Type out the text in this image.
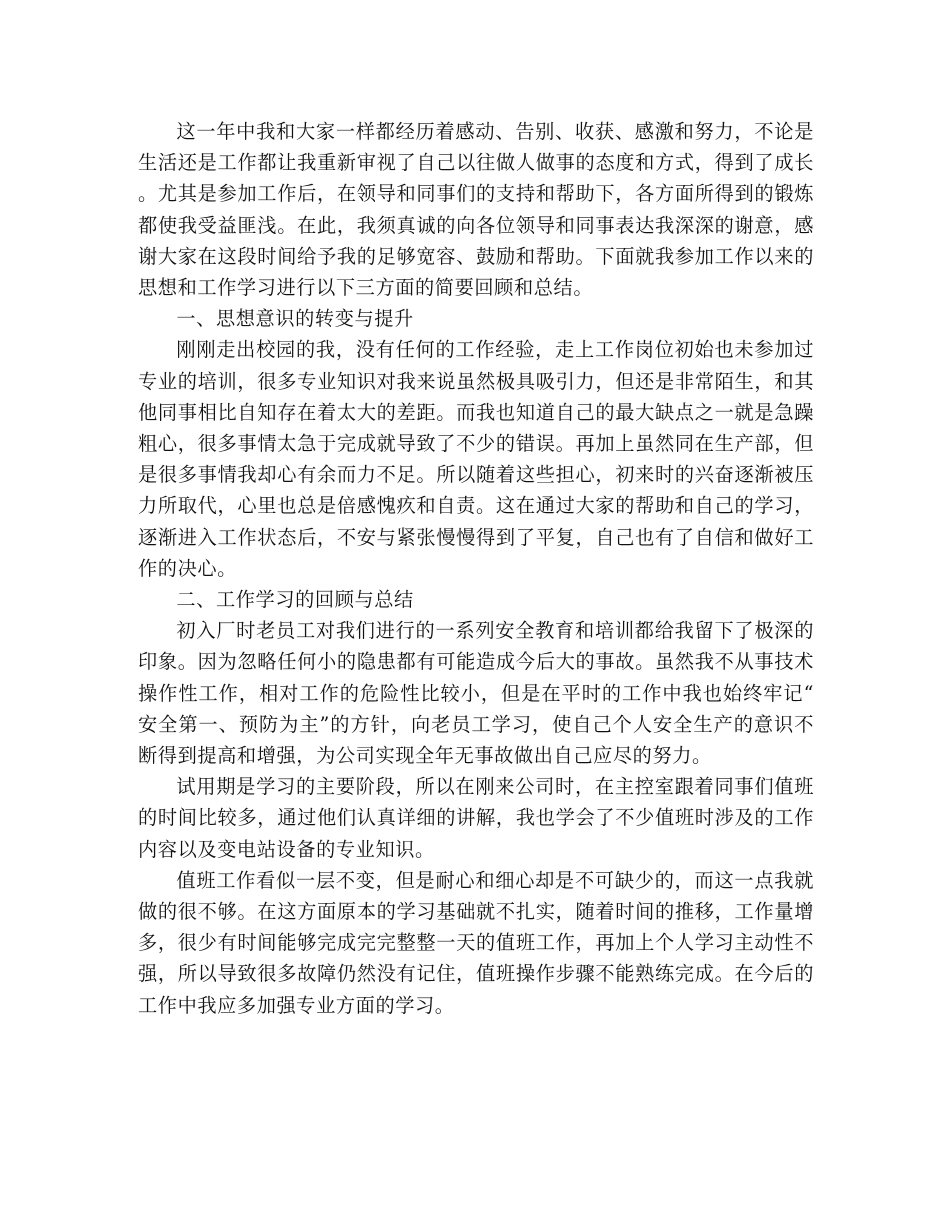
这一年中我和大家一样都经历着感动、告别、收获、感激和努力，不论是生活还是工作都让我重新审视了自己以往做人做事的态度和方式，得到了成长。尤其是参加工作后，在领导和同事们的支持和帮助下，各方面所得到的锻炼都使我受益匪浅。在此，我须真诚的向各位领导和同事表达我深深的谢意，感谢大家在这段时间给予我的足够宽容、鼓励和帮助。下面就我参加工作以来的思想和工作学习进行以下三方面的简要回顾和总结。

一、思想意识的转变与提升

刚刚走出校园的我，没有任何的工作经验，走上工作岗位初始也未参加过专业的培训，很多专业知识对我来说虽然极具吸引力，但还是非常陌生，和其他同事相比自知存在着太大的差距。而我也知道自己的最大缺点之一就是急躁粗心，很多事情太急于完成就导致了不少的错误。再加上虽然同在生产部，但是很多事情我却心有余而力不足。所以随着这些担心，初来时的兴奋逐渐被压力所取代，心里也总是倍感愧疚和自责。这在通过大家的帮助和自己的学习，逐渐进入工作状态后，不安与紧张慢慢得到了平复，自己也有了自信和做好工作的决心。

二、工作学习的回顾与总结

初入厂时老员工对我们进行的一系列安全教育和培训都给我留下了极深的印象。因为忽略任何小的隐患都有可能造成今后大的事故。虽然我不从事技术操作性工作，相对工作的危险性比较小，但是在平时的工作中我也始终牢记“安全第一、预防为主”的方针，向老员工学习，使自己个人安全生产的意识不断得到提高和增强，为公司实现全年无事故做出自己应尽的努力。

试用期是学习的主要阶段，所以在刚来公司时，在主控室跟着同事们值班的时间比较多，通过他们认真详细的讲解，我也学会了不少值班时涉及的工作内容以及变电站设备的专业知识。

值班工作看似一层不变，但是耐心和细心却是不可缺少的，而这一点我就做的很不够。在这方面原本的学习基础就不扎实，随着时间的推移，工作量增多，很少有时间能够完成完完整整一天的值班工作，再加上个人学习主动性不强，所以导致很多故障仍然没有记住，值班操作步骤不能熟练完成。在今后的工作中我应多加强专业方面的学习。
